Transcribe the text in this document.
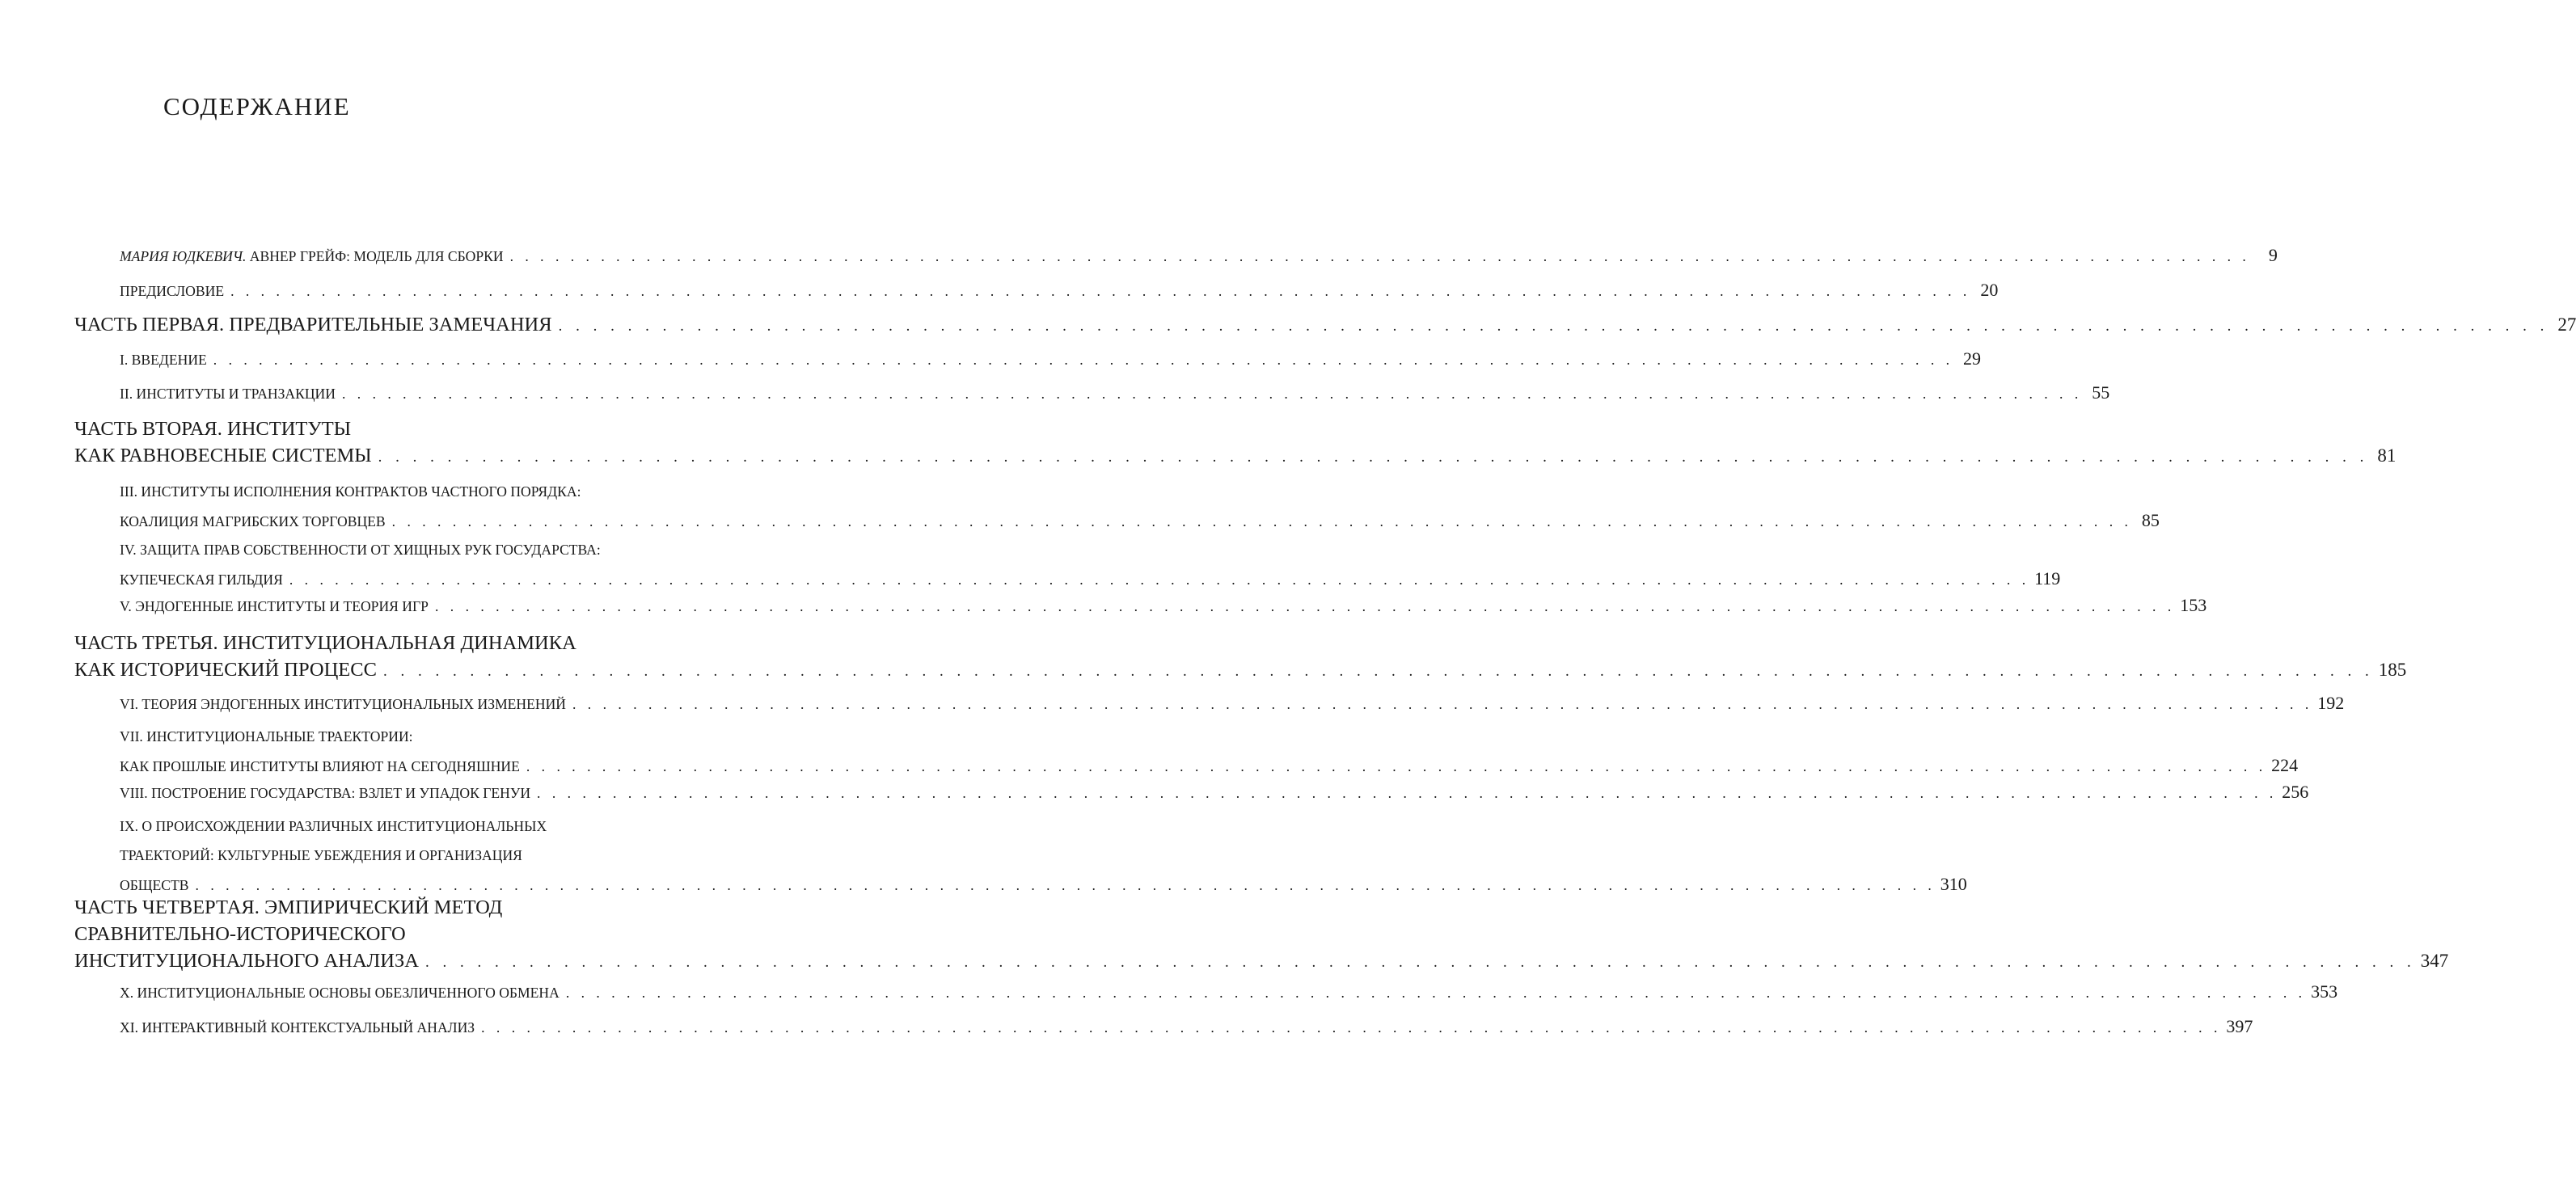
СОДЕРЖАНИЕ
МАРИЯ ЮДКЕВИЧ. АВНЕР ГРЕЙФ: МОДЕЛЬ ДЛЯ СБОРКИ . . . . . . . . . . . . . . . . . . . . . . . . . . . . . . . . . . . . . . . . . . . . . . . . . . . . . . . . . . . . . . . . . . . . . . . . . . . . . . . . . . . . . . . . . . . . . . . . . . . . . . . . . . . . . . . . . . .	9
ПРЕДИСЛОВИЕ . . . . . . . . . . . . . . . . . . . . . . . . . . . . . . . . . . . . . . . . . . . . . . . . . . . . . . . . . . . . . . . . . . . . . . . . . . . . . . . . . . . . . . . . . . . . . . . . . . . . . . . . . . . . . . . . . . . 20
ЧАСТЬ ПЕРВАЯ. ПРЕДВАРИТЕЛЬНЫЕ ЗАМЕЧАНИЯ . . . . . . . . . . . . . . . . . . . . . . . . . . . . . . . . . . . . . . . . . . . . . . . . . . . . . . . . . . . . . . . . . . . . . . . . . . . . . . . . . . . . . . . . . . . . . . . . . . . . . . . . . . . . . . . . . . . 27
I. ВВЕДЕНИЕ . . . . . . . . . . . . . . . . . . . . . . . . . . . . . . . . . . . . . . . . . . . . . . . . . . . . . . . . . . . . . . . . . . . . . . . . . . . . . . . . . . . . . . . . . . . . . . . . . . . . . . . . . . . . . . . . . . . 29
II. ИНСТИТУТЫ И ТРАНЗАКЦИИ . . . . . . . . . . . . . . . . . . . . . . . . . . . . . . . . . . . . . . . . . . . . . . . . . . . . . . . . . . . . . . . . . . . . . . . . . . . . . . . . . . . . . . . . . . . . . . . . . . . . . . . . . . . . . . . . . . . 55
ЧАСТЬ ВТОРАЯ. ИНСТИТУТЫ
КАК РАВНОВЕСНЫЕ СИСТЕМЫ . . . . . . . . . . . . . . . . . . . . . . . . . . . . . . . . . . . . . . . . . . . . . . . . . . . . . . . . . . . . . . . . . . . . . . . . . . . . . . . . . . . . . . . . . . . . . . . . . . . . . . . . . . . . . . . . . . . 81
III. ИНСТИТУТЫ ИСПОЛНЕНИЯ КОНТРАКТОВ ЧАСТНОГО ПОРЯДКА:
КОАЛИЦИЯ МАГРИБСКИХ ТОРГОВЦЕВ . . . . . . . . . . . . . . . . . . . . . . . . . . . . . . . . . . . . . . . . . . . . . . . . . . . . . . . . . . . . . . . . . . . . . . . . . . . . . . . . . . . . . . . . . . . . . . . . . . . . . . . . . . . . . . . . . . . 85
IV. ЗАЩИТА ПРАВ СОБСТВЕННОСТИ ОТ ХИЩНЫХ РУК ГОСУДАРСТВА:
КУПЕЧЕСКАЯ ГИЛЬДИЯ . . . . . . . . . . . . . . . . . . . . . . . . . . . . . . . . . . . . . . . . . . . . . . . . . . . . . . . . . . . . . . . . . . . . . . . . . . . . . . . . . . . . . . . . . . . . . . . . . . . . . . . . . . . . . . . . . . . 119
V. ЭНДОГЕННЫЕ ИНСТИТУТЫ И ТЕОРИЯ ИГР . . . . . . . . . . . . . . . . . . . . . . . . . . . . . . . . . . . . . . . . . . . . . . . . . . . . . . . . . . . . . . . . . . . . . . . . . . . . . . . . . . . . . . . . . . . . . . . . . . . . . . . . . . . . . . . . . . . 153
ЧАСТЬ ТРЕТЬЯ. ИНСТИТУЦИОНАЛЬНАЯ ДИНАМИКА
КАК ИСТОРИЧЕСКИЙ ПРОЦЕСС . . . . . . . . . . . . . . . . . . . . . . . . . . . . . . . . . . . . . . . . . . . . . . . . . . . . . . . . . . . . . . . . . . . . . . . . . . . . . . . . . . . . . . . . . . . . . . . . . . . . . . . . . . . . . . . . . . . 185
VI. ТЕОРИЯ ЭНДОГЕННЫХ ИНСТИТУЦИОНАЛЬНЫХ ИЗМЕНЕНИЙ . . . . . . . . . . . . . . . . . . . . . . . . . . . . . . . . . . . . . . . . . . . . . . . . . . . . . . . . . . . . . . . . . . . . . . . . . . . . . . . . . . . . . . . . . . . . . . . . . . . . . . . . . . . . . . . . . . . 192
VII. ИНСТИТУЦИОНАЛЬНЫЕ ТРАЕКТОРИИ:
КАК ПРОШЛЫЕ ИНСТИТУТЫ ВЛИЯЮТ НА СЕГОДНЯШНИЕ . . . . . . . . . . . . . . . . . . . . . . . . . . . . . . . . . . . . . . . . . . . . . . . . . . . . . . . . . . . . . . . . . . . . . . . . . . . . . . . . . . . . . . . . . . . . . . . . . . . . . . . . . . . . . . . . . . . 224
VIII. ПОСТРОЕНИЕ ГОСУДАРСТВА: ВЗЛЕТ И УПАДОК ГЕНУИ . . . . . . . . . . . . . . . . . . . . . . . . . . . . . . . . . . . . . . . . . . . . . . . . . . . . . . . . . . . . . . . . . . . . . . . . . . . . . . . . . . . . . . . . . . . . . . . . . . . . . . . . . . . . . . . . . . . 256
IX. О ПРОИСХОЖДЕНИИ РАЗЛИЧНЫХ ИНСТИТУЦИОНАЛЬНЫХ
ТРАЕКТОРИЙ: КУЛЬТУРНЫЕ УБЕЖДЕНИЯ И ОРГАНИЗАЦИЯ
ОБЩЕСТВ . . . . . . . . . . . . . . . . . . . . . . . . . . . . . . . . . . . . . . . . . . . . . . . . . . . . . . . . . . . . . . . . . . . . . . . . . . . . . . . . . . . . . . . . . . . . . . . . . . . . . . . . . . . . . . . . . . . 310
ЧАСТЬ ЧЕТВЕРТАЯ. ЭМПИРИЧЕСКИЙ МЕТОД
СРАВНИТЕЛЬНО-ИСТОРИЧЕСКОГО
ИНСТИТУЦИОНАЛЬНОГО АНАЛИЗА . . . . . . . . . . . . . . . . . . . . . . . . . . . . . . . . . . . . . . . . . . . . . . . . . . . . . . . . . . . . . . . . . . . . . . . . . . . . . . . . . . . . . . . . . . . . . . . . . . . . . . . . . . . . . . . . . . . 347
X. ИНСТИТУЦИОНАЛЬНЫЕ ОСНОВЫ ОБЕЗЛИЧЕННОГО ОБМЕНА . . . . . . . . . . . . . . . . . . . . . . . . . . . . . . . . . . . . . . . . . . . . . . . . . . . . . . . . . . . . . . . . . . . . . . . . . . . . . . . . . . . . . . . . . . . . . . . . . . . . . . . . . . . . . . . . . . . 353
XI. ИНТЕРАКТИВНЫЙ КОНТЕКСТУАЛЬНЫЙ АНАЛИЗ . . . . . . . . . . . . . . . . . . . . . . . . . . . . . . . . . . . . . . . . . . . . . . . . . . . . . . . . . . . . . . . . . . . . . . . . . . . . . . . . . . . . . . . . . . . . . . . . . . . . . . . . . . . . . . . . . . . 397
